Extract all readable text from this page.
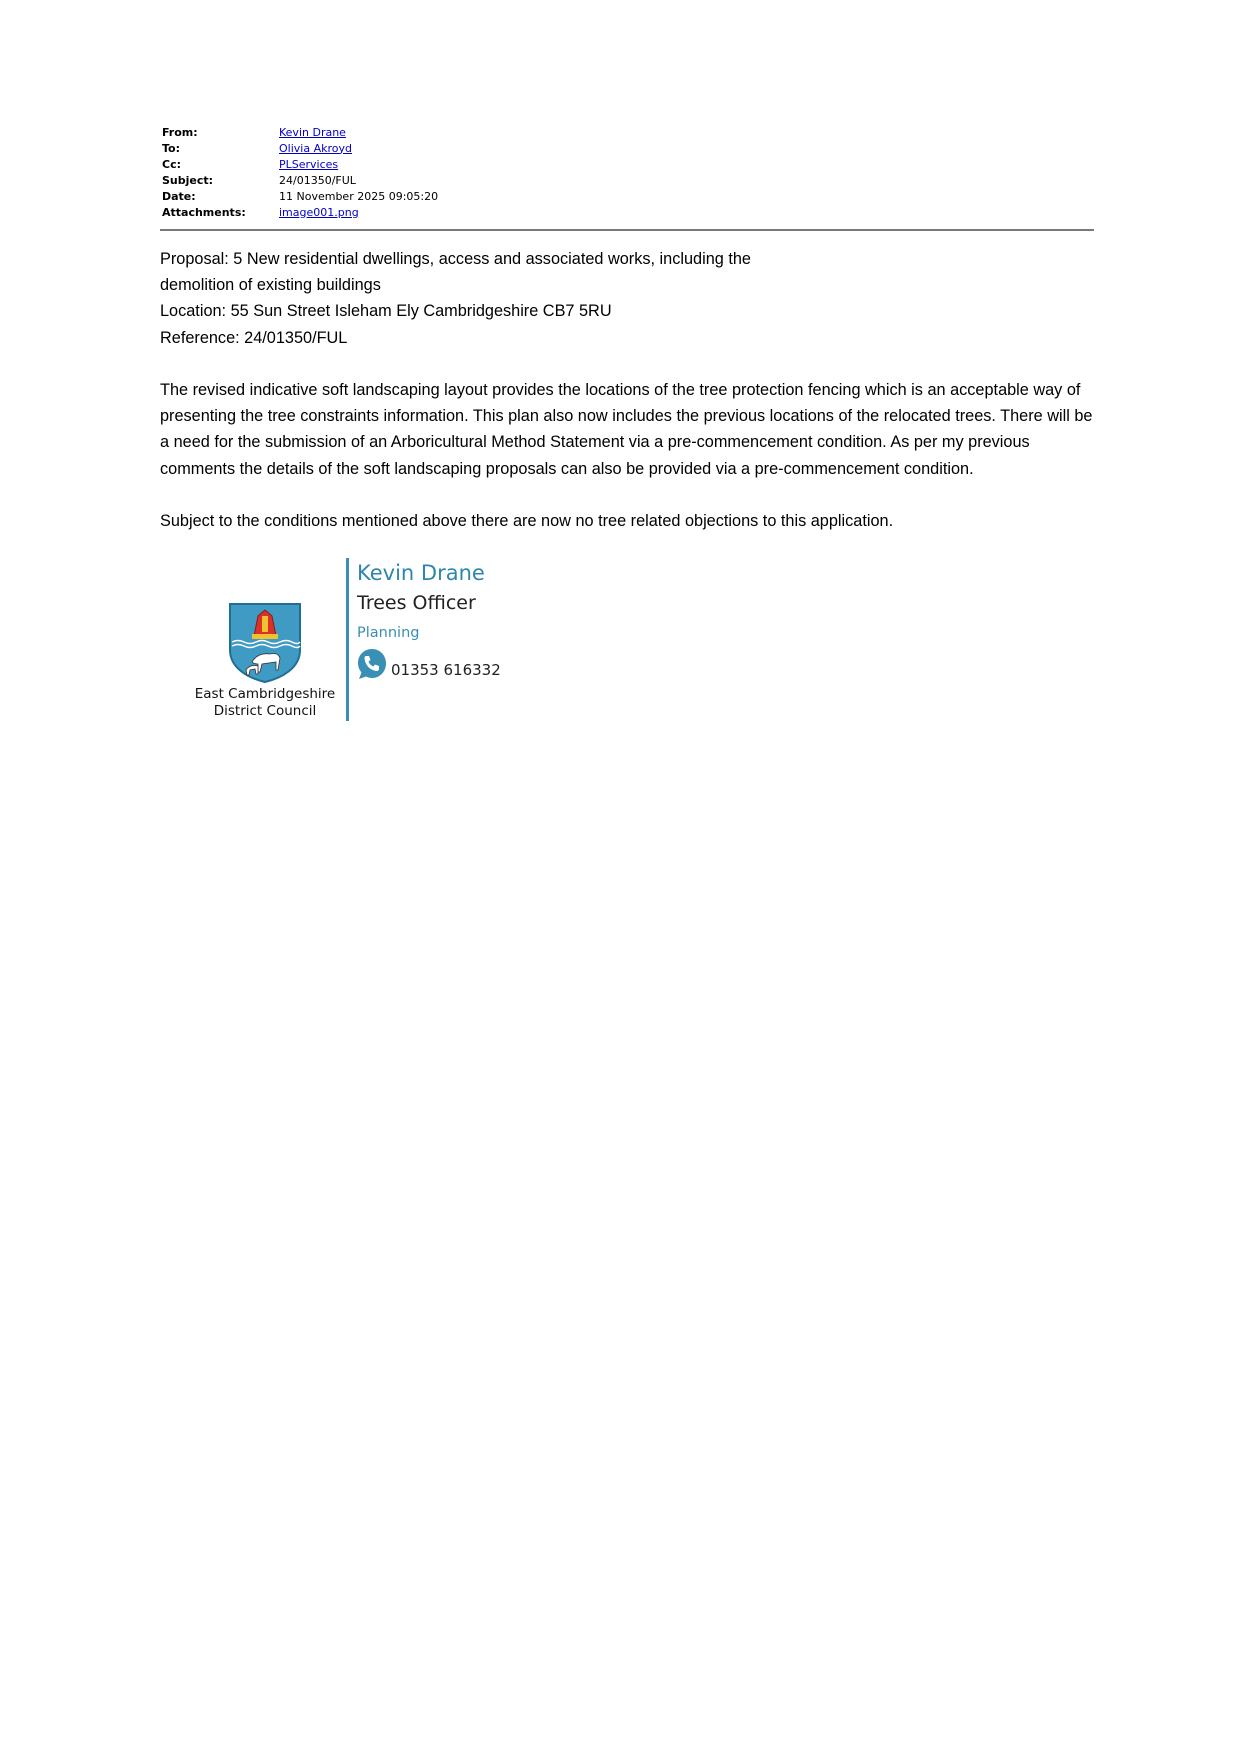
From:	Kevin Drane
To:	Olivia Akroyd
Cc:	PLServices
Subject:	24/01350/FUL
Date:	11 November 2025 09:05:20
Attachments:	image001.png

Proposal: 5 New residential dwellings, access and associated works, including the

demolition of existing buildings

Location: 55 Sun Street Isleham Ely Cambridgeshire CB7 5RU

Reference: 24/01350/FUL

The revised indicative soft landscaping layout provides the locations of the tree protection fencing which is an acceptable way of presenting the tree constraints information. This plan also now includes the previous locations of the relocated trees. There will be a need for the submission of an Arboricultural Method Statement via a pre-commencement condition. As per my previous comments the details of the soft landscaping proposals can also be provided via a pre-commencement condition.

Subject to the conditions mentioned above there are now no tree related objections to this application.

East Cambridgeshire
District Council
Kevin Drane
Trees Officer
Planning
01353 616332
